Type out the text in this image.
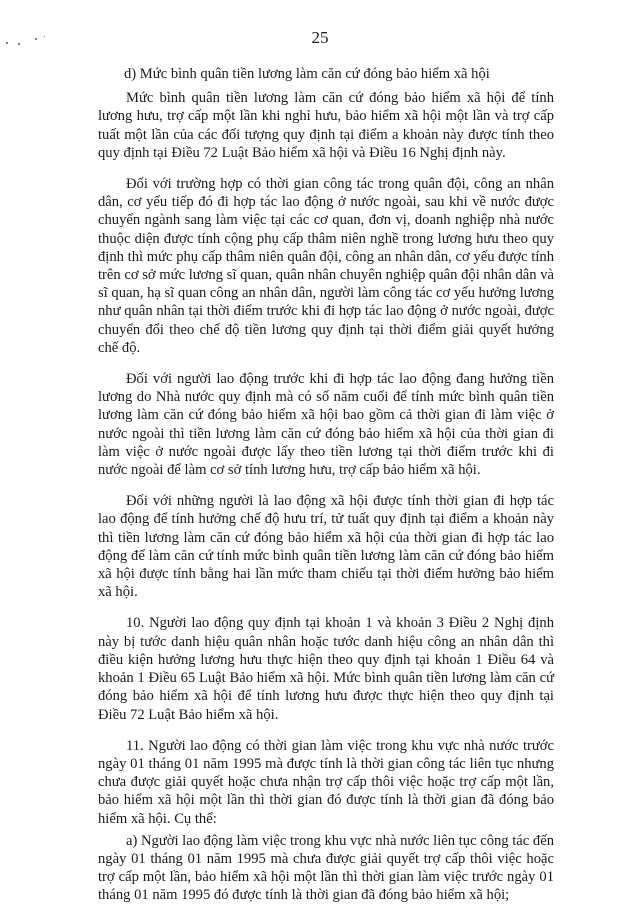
25

d) Mức bình quân tiền lương làm căn cứ đóng bảo hiểm xã hội

Mức bình quân tiền lương làm căn cứ đóng bảo hiểm xã hội để tính lương hưu, trợ cấp một lần khi nghỉ hưu, bảo hiểm xã hội một lần và trợ cấp tuất một lần của các đối tượng quy định tại điểm a khoản này được tính theo quy định tại Điều 72 Luật Bảo hiểm xã hội và Điều 16 Nghị định này.

Đối với trường hợp có thời gian công tác trong quân đội, công an nhân dân, cơ yếu tiếp đó đi hợp tác lao động ở nước ngoài, sau khi về nước được chuyển ngành sang làm việc tại các cơ quan, đơn vị, doanh nghiệp nhà nước thuộc diện được tính cộng phụ cấp thâm niên nghề trong lương hưu theo quy định thì mức phụ cấp thâm niên quân đội, công an nhân dân, cơ yếu được tính trên cơ sở mức lương sĩ quan, quân nhân chuyên nghiệp quân đội nhân dân và sĩ quan, hạ sĩ quan công an nhân dân, người làm công tác cơ yếu hưởng lương như quân nhân tại thời điểm trước khi đi hợp tác lao động ở nước ngoài, được chuyển đổi theo chế độ tiền lương quy định tại thời điểm giải quyết hưởng chế độ.

Đối với người lao động trước khi đi hợp tác lao động đang hưởng tiền lương do Nhà nước quy định mà có số năm cuối để tính mức bình quân tiền lương làm căn cứ đóng bảo hiểm xã hội bao gồm cả thời gian đi làm việc ở nước ngoài thì tiền lương làm căn cứ đóng bảo hiểm xã hội của thời gian đi làm việc ở nước ngoài được lấy theo tiền lương tại thời điểm trước khi đi nước ngoài để làm cơ sở tính lương hưu, trợ cấp bảo hiểm xã hội.

Đối với những người là lao động xã hội được tính thời gian đi hợp tác lao động để tính hưởng chế độ hưu trí, tử tuất quy định tại điểm a khoản này thì tiền lương làm căn cứ đóng bảo hiểm xã hội của thời gian đi hợp tác lao động để làm căn cứ tính mức bình quân tiền lương làm căn cứ đóng bảo hiểm xã hội được tính bằng hai lần mức tham chiếu tại thời điểm hưởng bảo hiểm xã hội.

10. Người lao động quy định tại khoản 1 và khoản 3 Điều 2 Nghị định này bị tước danh hiệu quân nhân hoặc tước danh hiệu công an nhân dân thì điều kiện hưởng lương hưu thực hiện theo quy định tại khoản 1 Điều 64 và khoản 1 Điều 65 Luật Bảo hiểm xã hội. Mức bình quân tiền lương làm căn cứ đóng bảo hiểm xã hội để tính lương hưu được thực hiện theo quy định tại Điều 72 Luật Bảo hiểm xã hội.

11. Người lao động có thời gian làm việc trong khu vực nhà nước trước ngày 01 tháng 01 năm 1995 mà được tính là thời gian công tác liên tục nhưng chưa được giải quyết hoặc chưa nhận trợ cấp thôi việc hoặc trợ cấp một lần, bảo hiểm xã hội một lần thì thời gian đó được tính là thời gian đã đóng bảo hiểm xã hội. Cụ thể:

a) Người lao động làm việc trong khu vực nhà nước liên tục công tác đến ngày 01 tháng 01 năm 1995 mà chưa được giải quyết trợ cấp thôi việc hoặc trợ cấp một lần, bảo hiểm xã hội một lần thì thời gian làm việc trước ngày 01 tháng 01 năm 1995 đó được tính là thời gian đã đóng bảo hiểm xã hội;
